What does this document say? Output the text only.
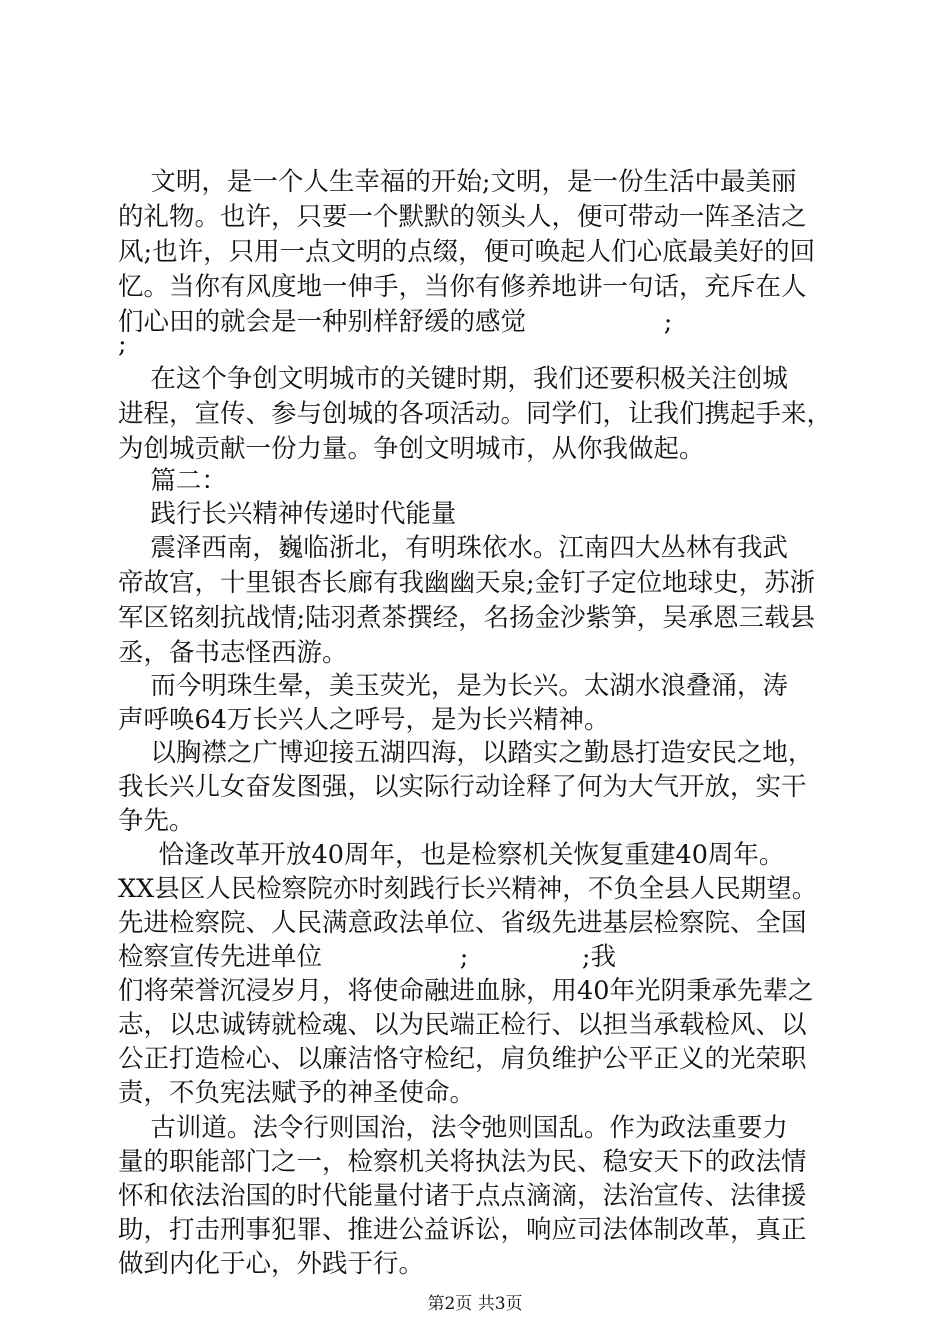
文明，是一个人生幸福的开始;文明，是一份生活中最美丽
的礼物。也许，只要一个默默的领头人，便可带动一阵圣洁之
风;也许，只用一点文明的点缀，便可唤起人们心底最美好的回
忆。当你有风度地一伸手，当你有修养地讲一句话，充斥在人
们心田的就会是一种别样舒缓的感觉                 ;
;
在这个争创文明城市的关键时期，我们还要积极关注创城
进程，宣传、参与创城的各项活动。同学们，让我们携起手来，
为创城贡献一份力量。争创文明城市，从你我做起。
篇二：
践行长兴精神传递时代能量
震泽西南，巍临浙北，有明珠依水。江南四大丛林有我武
帝故宫，十里银杏长廊有我幽幽天泉;金钉子定位地球史，苏浙
军区铭刻抗战情;陆羽煮茶撰经，名扬金沙紫笋，吴承恩三载县
丞，备书志怪西游。
而今明珠生晕，美玉荧光，是为长兴。太湖水浪叠涌，涛
声呼唤64万长兴人之呼号，是为长兴精神。
以胸襟之广博迎接五湖四海，以踏实之勤恳打造安民之地，
我长兴儿女奋发图强，以实际行动诠释了何为大气开放，实干
争先。
恰逢改革开放40周年，也是检察机关恢复重建40周年。
XX县区人民检察院亦时刻践行长兴精神，不负全县人民期望。
先进检察院、人民满意政法单位、省级先进基层检察院、全国
检察宣传先进单位                 ;              ;我
们将荣誉沉浸岁月，将使命融进血脉，用40年光阴秉承先辈之
志，以忠诚铸就检魂、以为民端正检行、以担当承载检风、以
公正打造检心、以廉洁恪守检纪，肩负维护公平正义的光荣职
责，不负宪法赋予的神圣使命。
古训道。法令行则国治，法令弛则国乱。作为政法重要力
量的职能部门之一，检察机关将执法为民、稳安天下的政法情
怀和依法治国的时代能量付诸于点点滴滴，法治宣传、法律援
助，打击刑事犯罪、推进公益诉讼，响应司法体制改革，真正
做到内化于心，外践于行。
第2页 共3页
